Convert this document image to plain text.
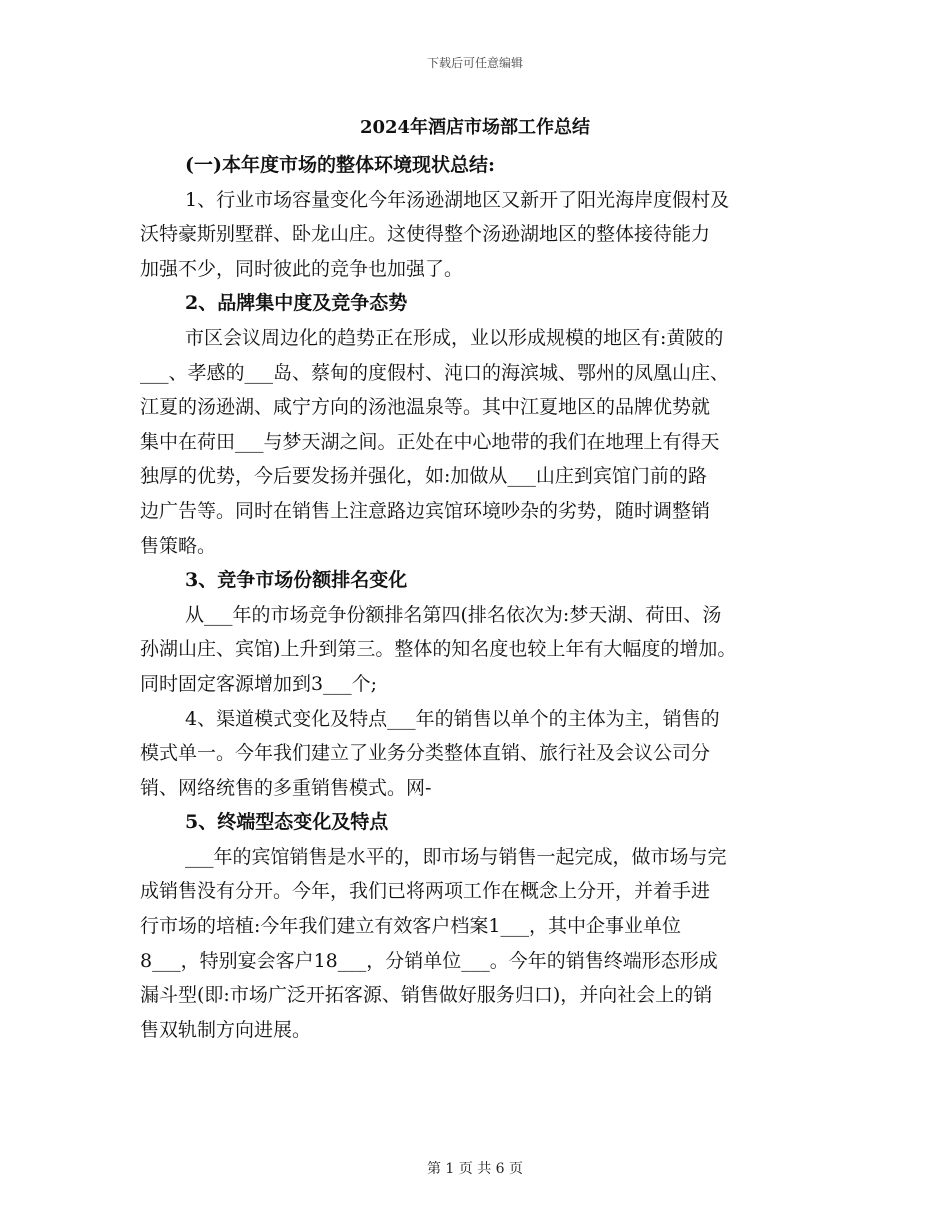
下载后可任意编辑
2024年酒店市场部工作总结

(一)本年度市场的整体环境现状总结:

1、行业市场容量变化今年汤逊湖地区又新开了阳光海岸度假村及

沃特豪斯别墅群、卧龙山庄。这使得整个汤逊湖地区的整体接待能力

加强不少，同时彼此的竞争也加强了。

2、品牌集中度及竞争态势

市区会议周边化的趋势正在形成，业以形成规模的地区有:黄陂的

___、孝感的___岛、蔡甸的度假村、沌口的海滨城、鄂州的凤凰山庄、

江夏的汤逊湖、咸宁方向的汤池温泉等。其中江夏地区的品牌优势就

集中在荷田___与梦天湖之间。正处在中心地带的我们在地理上有得天

独厚的优势，今后要发扬并强化，如:加做从___山庄到宾馆门前的路

边广告等。同时在销售上注意路边宾馆环境吵杂的劣势，随时调整销

售策略。

3、竞争市场份额排名变化

从___年的市场竞争份额排名第四(排名依次为:梦天湖、荷田、汤

孙湖山庄、宾馆)上升到第三。整体的知名度也较上年有大幅度的增加。

同时固定客源增加到3___个;

4、渠道模式变化及特点___年的销售以单个的主体为主，销售的

模式单一。今年我们建立了业务分类整体直销、旅行社及会议公司分

销、网络统售的多重销售模式。网-

5、终端型态变化及特点

___年的宾馆销售是水平的，即市场与销售一起完成，做市场与完

成销售没有分开。今年，我们已将两项工作在概念上分开，并着手进

行市场的培植:今年我们建立有效客户档案1___，其中企事业单位

8___，特别宴会客户18___，分销单位___。今年的销售终端形态形成

漏斗型(即:市场广泛开拓客源、销售做好服务归口)，并向社会上的销

售双轨制方向进展。

第 1 页 共 6 页
